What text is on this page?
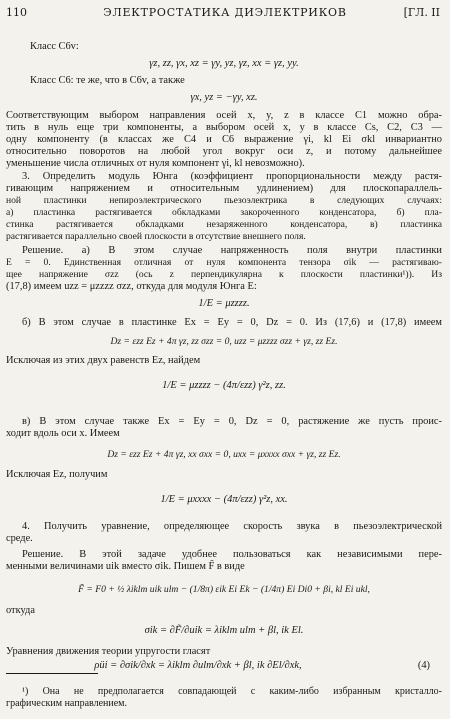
110	ЭЛЕКТРОСТАТИКА ДИЭЛЕКТРИКОВ	[ГЛ. II
Класс C6v:
γz, zz, γx, xz = γy, yz, γz, xx = γz, yy.
Класс C6: те же, что в C6v, а также
γx, yz = −γy, xz.
Соответствующим выбором направления осей x, y, z в классе C1 можно обра-
тить в нуль еще три компоненты, а выбором осей x, y в классе Cs, C2, C3 —
одну компоненту (в классах же C4 и C6 выражение γi, kl Ei σkl инвариантно
относительно поворотов на любой угол вокруг оси z, и потому дальнейшее
уменьшение числа отличных от нуля компонент γi, kl невозможно).
3. Определить модуль Юнга (коэффициент пропорциональности между растя-
гивающим напряжением и относительным удлинением) для плоскопараллель-
ной пластинки непироэлектрического пьезоэлектрика в следующих случаях:
а) пластинка растягивается обкладками закороченного конденсатора, б) пла-
стинка растягивается обкладками незаряженного конденсатора, в) пластинка
растягивается параллельно своей плоскости в отсутствие внешнего поля.
Решение. а) В этом случае напряженность поля внутри пластинки
E = 0. Единственная отличная от нуля компонента тензора σik — растягиваю-
щее напряжение σzz (ось z перпендикулярна к плоскости пластинки¹)). Из
(17,8) имеем uzz = μzzzz σzz, откуда для модуля Юнга E:
1/E = μzzzz.
б) В этом случае в пластинке Ex = Ey = 0, Dz = 0. Из (17,6) и (17,8) имеем
Dz = εzz Ez + 4π γz, zz σzz = 0, uzz = μzzzz σzz + γz, zz Ez.
Исключая из этих двух равенств Ez, найдем
1/E = μzzzz − (4π/εzz) γ²z, zz.
в) В этом случае также Ex = Ey = 0, Dz = 0, растяжение же пусть проис-
ходит вдоль оси x. Имеем
Dz = εzz Ez + 4π γz, xx σxx = 0, uxx = μxxxx σxx + γz, zz Ez.
Исключая Ez, получим
1/E = μxxxx − (4π/εzz) γ²z, xx.
4. Получить уравнение, определяющее скорость звука в пьезоэлектрической
среде.
Решение. В этой задаче удобнее пользоваться как независимыми пере-
менными величинами uik вместо σik. Пишем F̃ в виде
F̃ = F0 + ½ λiklm uik ulm − (1/8π) εik Ei Ek − (1/4π) Ei Di0 + βi, kl Ei ukl,
откуда
σik = ∂F̃/∂uik = λiklm ulm + βl, ik El.
Уравнения движения теории упругости гласят
ρüi = ∂σik/∂xk = λiklm ∂ulm/∂xk + βl, ik ∂El/∂xk,	(4)
¹) Она не предполагается совпадающей с каким-либо избранным кристалло-
графическим направлением.
